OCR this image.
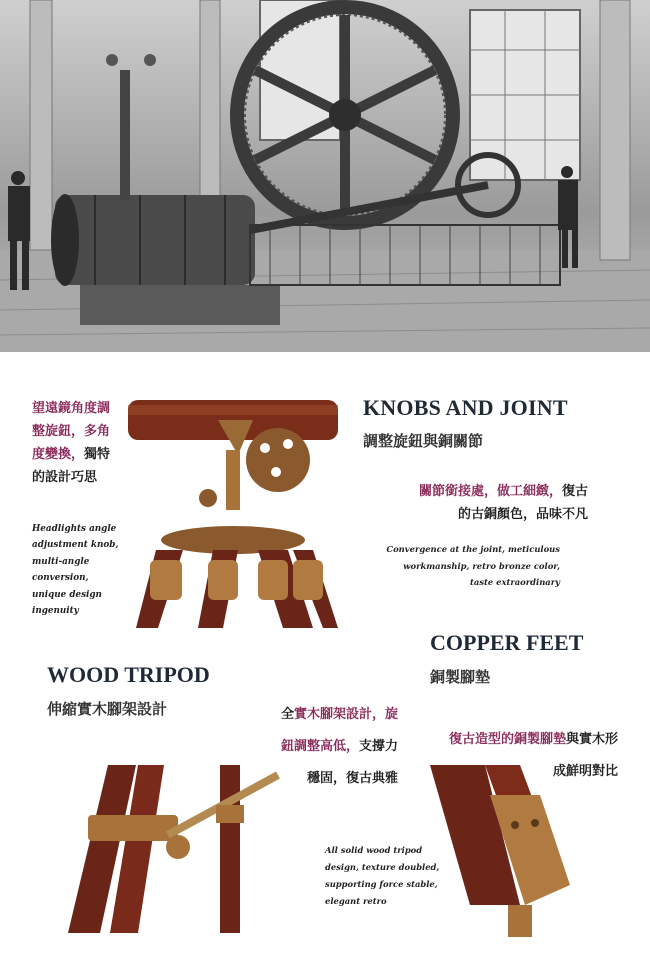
望遠鏡角度調
整旋鈕，多角
度變換，獨特
的設計巧思
Headlights angle
adjustment knob,
multi-angle
conversion,
unique design
ingenuity
KNOBS AND JOINT
調整旋鈕與銅關節
關節銜接處，做工細緻，復古
的古銅顏色，品味不凡
Convergence at the joint, meticulous
workmanship, retro bronze color,
taste extraordinary
COPPER FEET
銅製腳墊
復古造型的銅製腳墊與實木形
成鮮明對比
WOOD TRIPOD
伸縮實木腳架設計	全實木腳架設計，旋
鈕調整高低，支撐力
穩固，復古典雅
All solid wood tripod
design, texture doubled,
supporting force stable,
elegant retro
